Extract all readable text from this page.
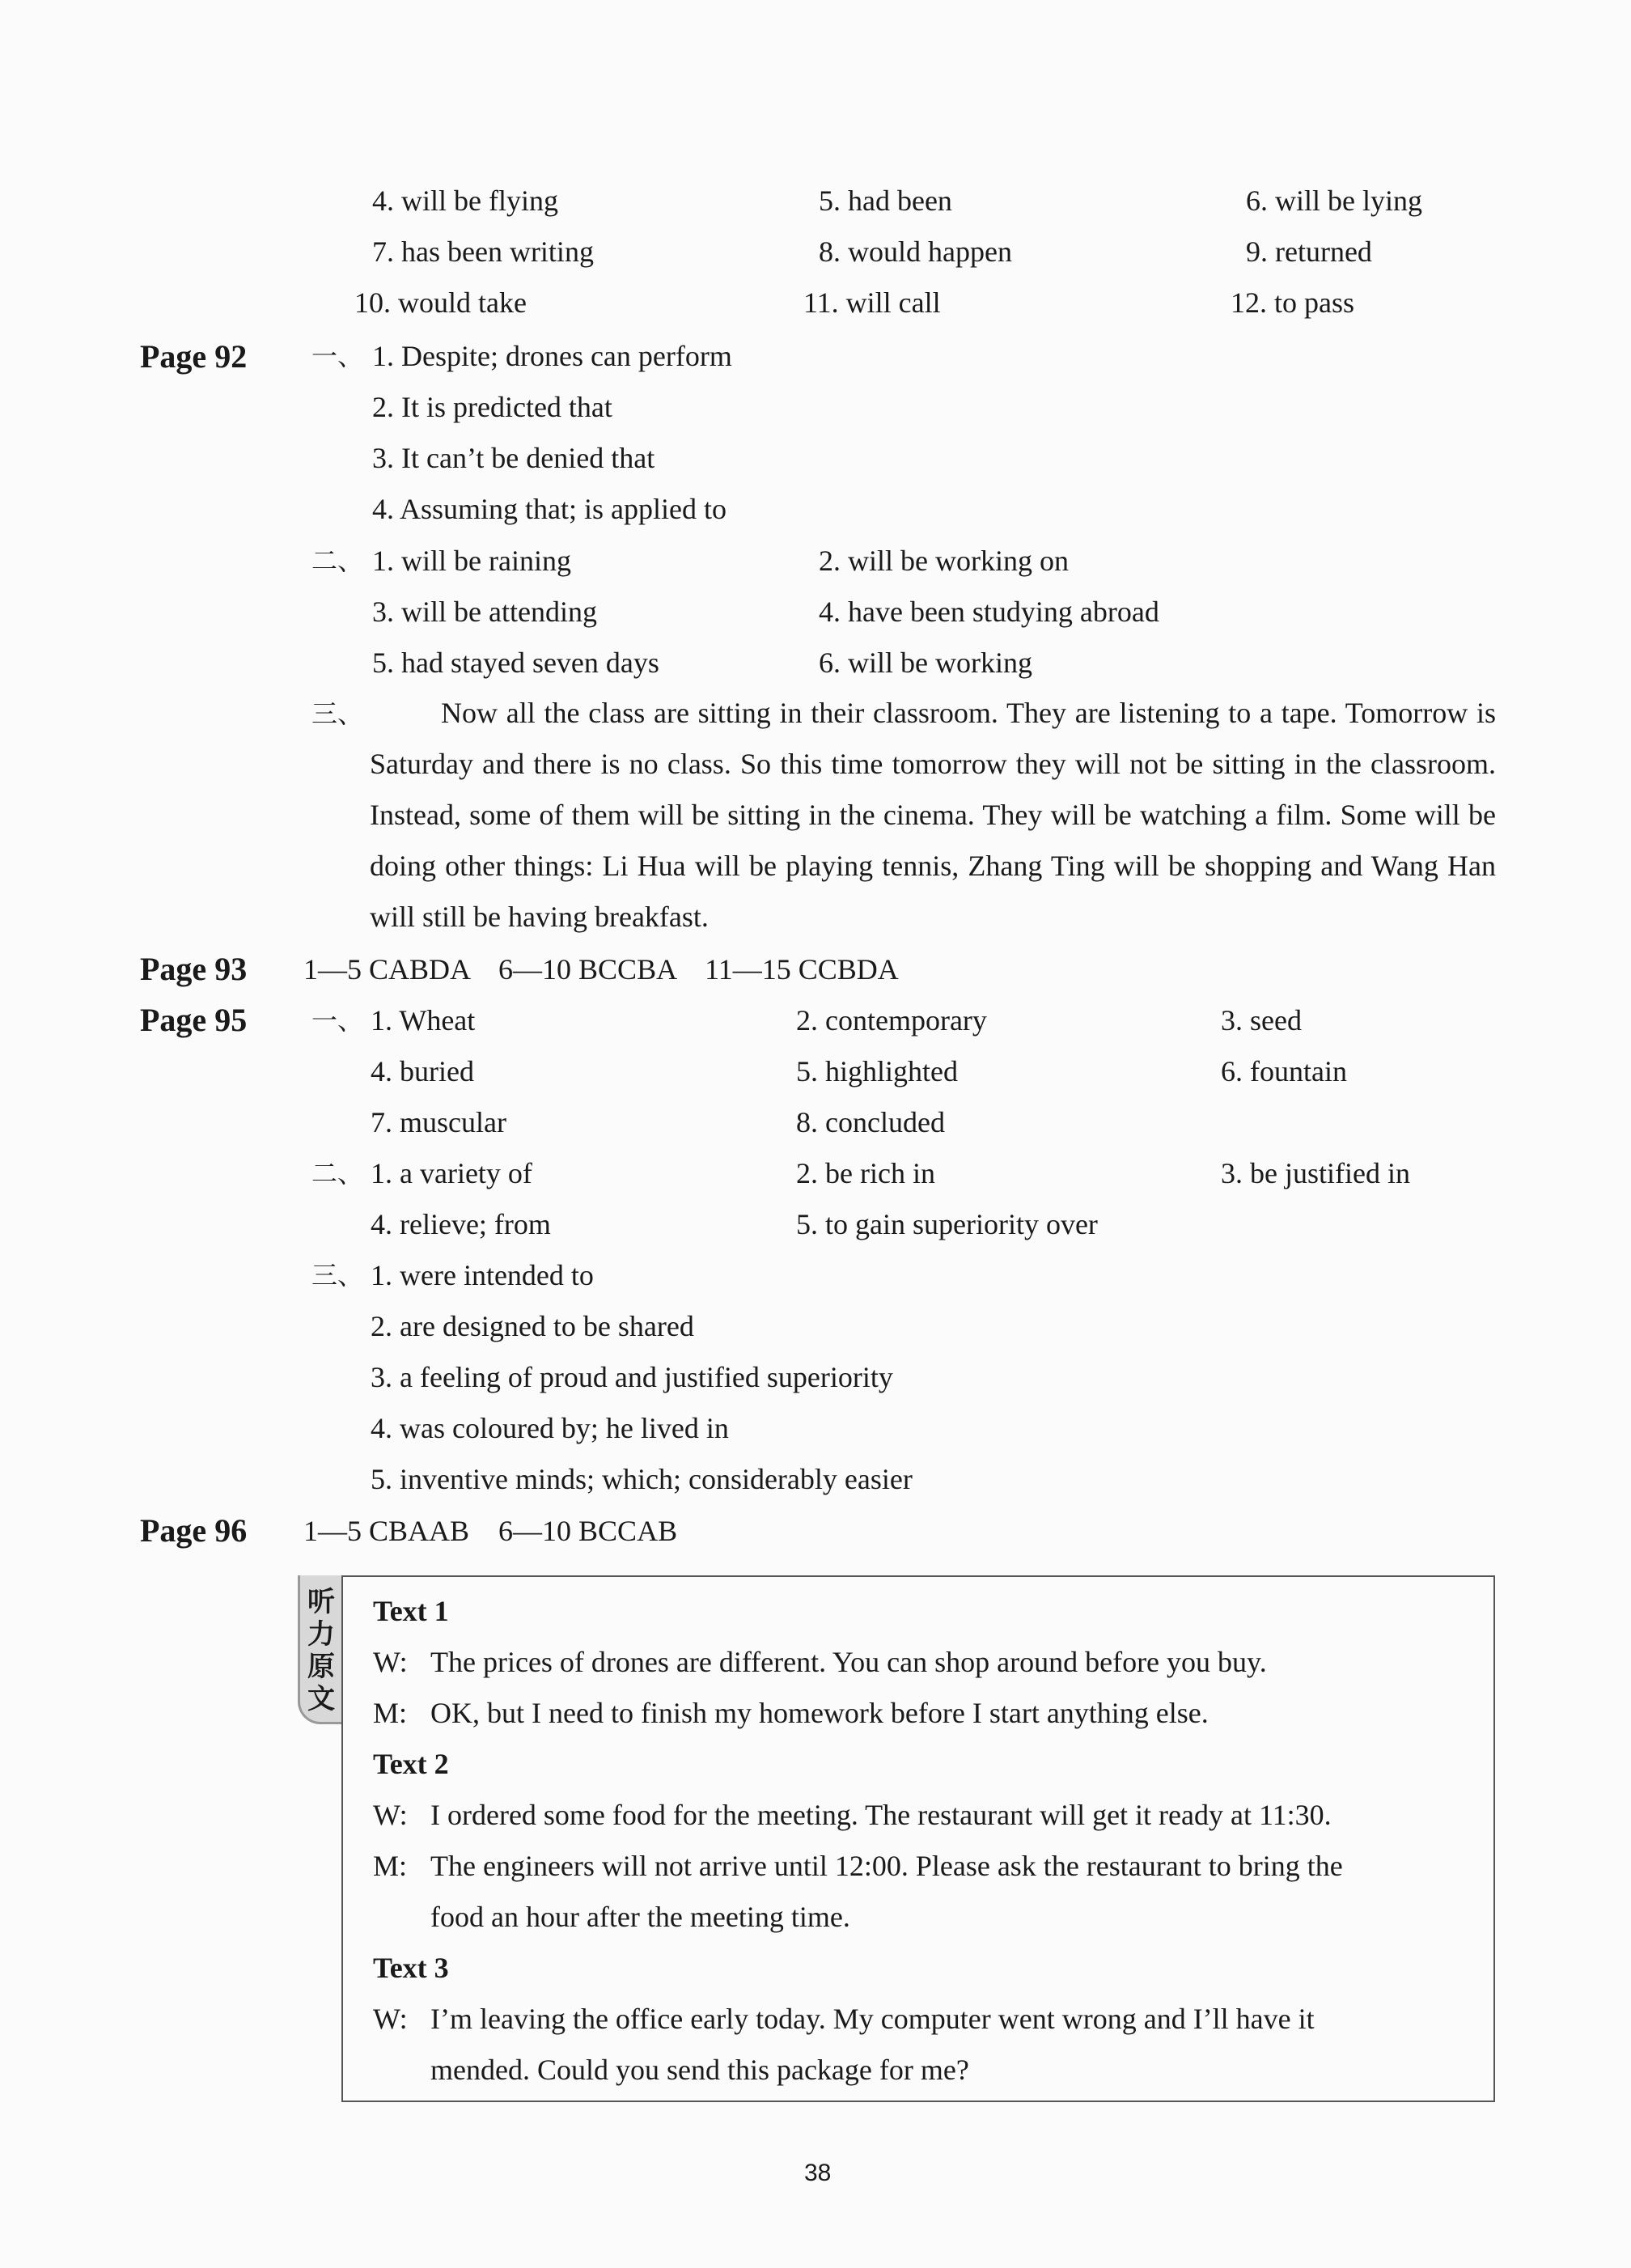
4. will be flying	5. had been	6. will be lying
7. has been writing	8. would happen	9. returned
10. would take	11. will call	12. to pass
Page 92 一、 1. Despite; drones can perform
2. It is predicted that
3. It can’t be denied that
4. Assuming that; is applied to
二、 1. will be raining	2. will be working on
3. will be attending	4. have been studying abroad
5. had stayed seven days	6. will be working
三、	Now all the class are sitting in their classroom. They are listening to a tape. Tomorrow is Saturday and there is no class. So this time tomorrow they will not be sitting in the classroom. Instead, some of them will be sitting in the cinema. They will be watching a film. Some will be doing other things: Li Hua will be playing tennis, Zhang Ting will be shopping and Wang Han will still be having breakfast.
Page 93 1—5 CABDA    6—10 BCCBA    11—15 CCBDA
Page 95 一、 1. Wheat	2. contemporary	3. seed
4. buried	5. highlighted	6. fountain
7. muscular	8. concluded
二、 1. a variety of	2. be rich in	3. be justified in
4. relieve; from	5. to gain superiority over
三、 1. were intended to
2. are designed to be shared
3. a feeling of proud and justified superiority
4. was coloured by; he lived in
5. inventive minds; which; considerably easier
Page 96 1—5 CBAAB    6—10 BCCAB
听力原文
Text 1
W: The prices of drones are different. You can shop around before you buy.
M: OK, but I need to finish my homework before I start anything else.
Text 2
W: I ordered some food for the meeting. The restaurant will get it ready at 11:30.
M: The engineers will not arrive until 12:00. Please ask the restaurant to bring the
food an hour after the meeting time.
Text 3
W: I’m leaving the office early today. My computer went wrong and I’ll have it
mended. Could you send this package for me?
38
